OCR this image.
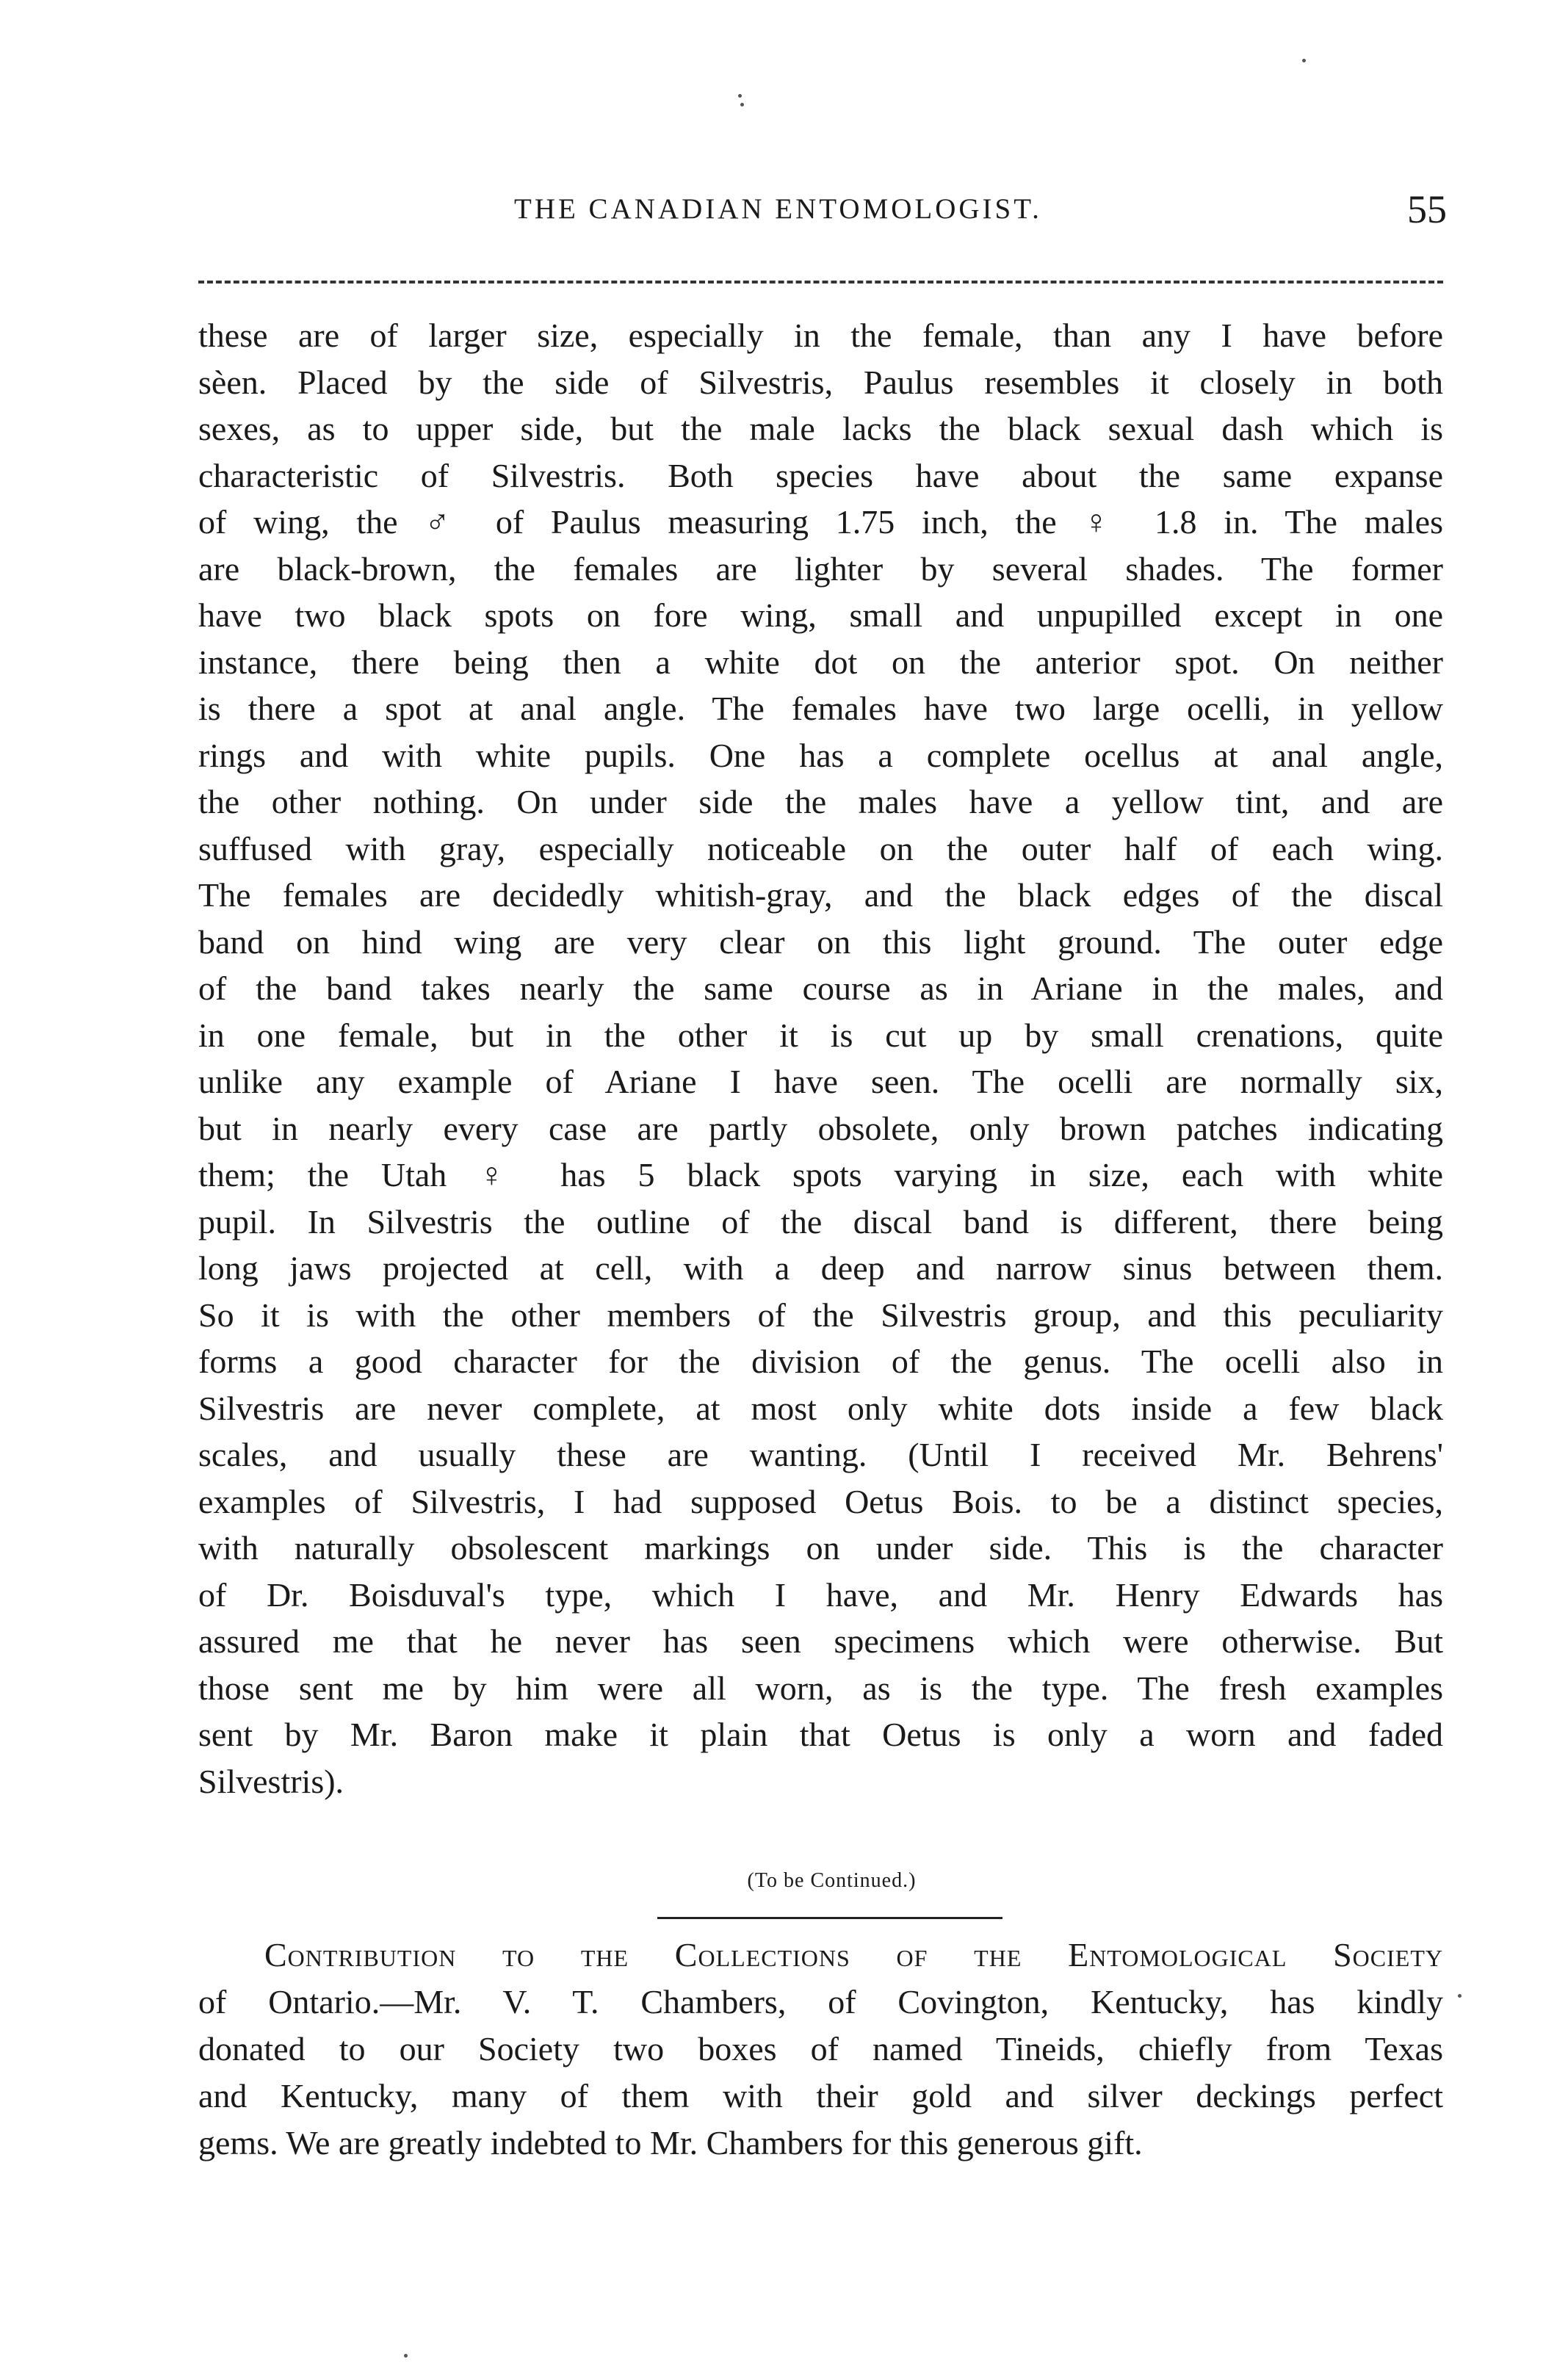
THE CANADIAN ENTOMOLOGIST.	55
these are of larger size, especially in the female, than any I have before
sèen. Placed by the side of Silvestris, Paulus resembles it closely in both
sexes, as to upper side, but the male lacks the black sexual dash which is
characteristic of Silvestris. Both species have about the same expanse
of wing, the ♂ of Paulus measuring 1.75 inch, the ♀ 1.8 in. The males
are black-brown, the females are lighter by several shades. The former
have two black spots on fore wing, small and unpupilled except in one
instance, there being then a white dot on the anterior spot. On neither
is there a spot at anal angle. The females have two large ocelli, in yellow
rings and with white pupils. One has a complete ocellus at anal angle,
the other nothing. On under side the males have a yellow tint, and are
suffused with gray, especially noticeable on the outer half of each wing.
The females are decidedly whitish-gray, and the black edges of the discal
band on hind wing are very clear on this light ground. The outer edge
of the band takes nearly the same course as in Ariane in the males, and
in one female, but in the other it is cut up by small crenations, quite
unlike any example of Ariane I have seen. The ocelli are normally six,
but in nearly every case are partly obsolete, only brown patches indicating
them; the Utah ♀ has 5 black spots varying in size, each with white
pupil. In Silvestris the outline of the discal band is different, there being
long jaws projected at cell, with a deep and narrow sinus between them.
So it is with the other members of the Silvestris group, and this peculiarity
forms a good character for the division of the genus. The ocelli also in
Silvestris are never complete, at most only white dots inside a few black
scales, and usually these are wanting. (Until I received Mr. Behrens'
examples of Silvestris, I had supposed Oetus Bois. to be a distinct species,
with naturally obsolescent markings on under side. This is the character
of Dr. Boisduval's type, which I have, and Mr. Henry Edwards has
assured me that he never has seen specimens which were otherwise. But
those sent me by him were all worn, as is the type. The fresh examples
sent by Mr. Baron make it plain that Oetus is only a worn and faded
Silvestris).
(To be Continued.)
Contribution to the Collections of the Entomological Society
of Ontario.—Mr. V. T. Chambers, of Covington, Kentucky, has kindly
donated to our Society two boxes of named Tineids, chiefly from Texas
and Kentucky, many of them with their gold and silver deckings perfect
gems. We are greatly indebted to Mr. Chambers for this generous gift.
